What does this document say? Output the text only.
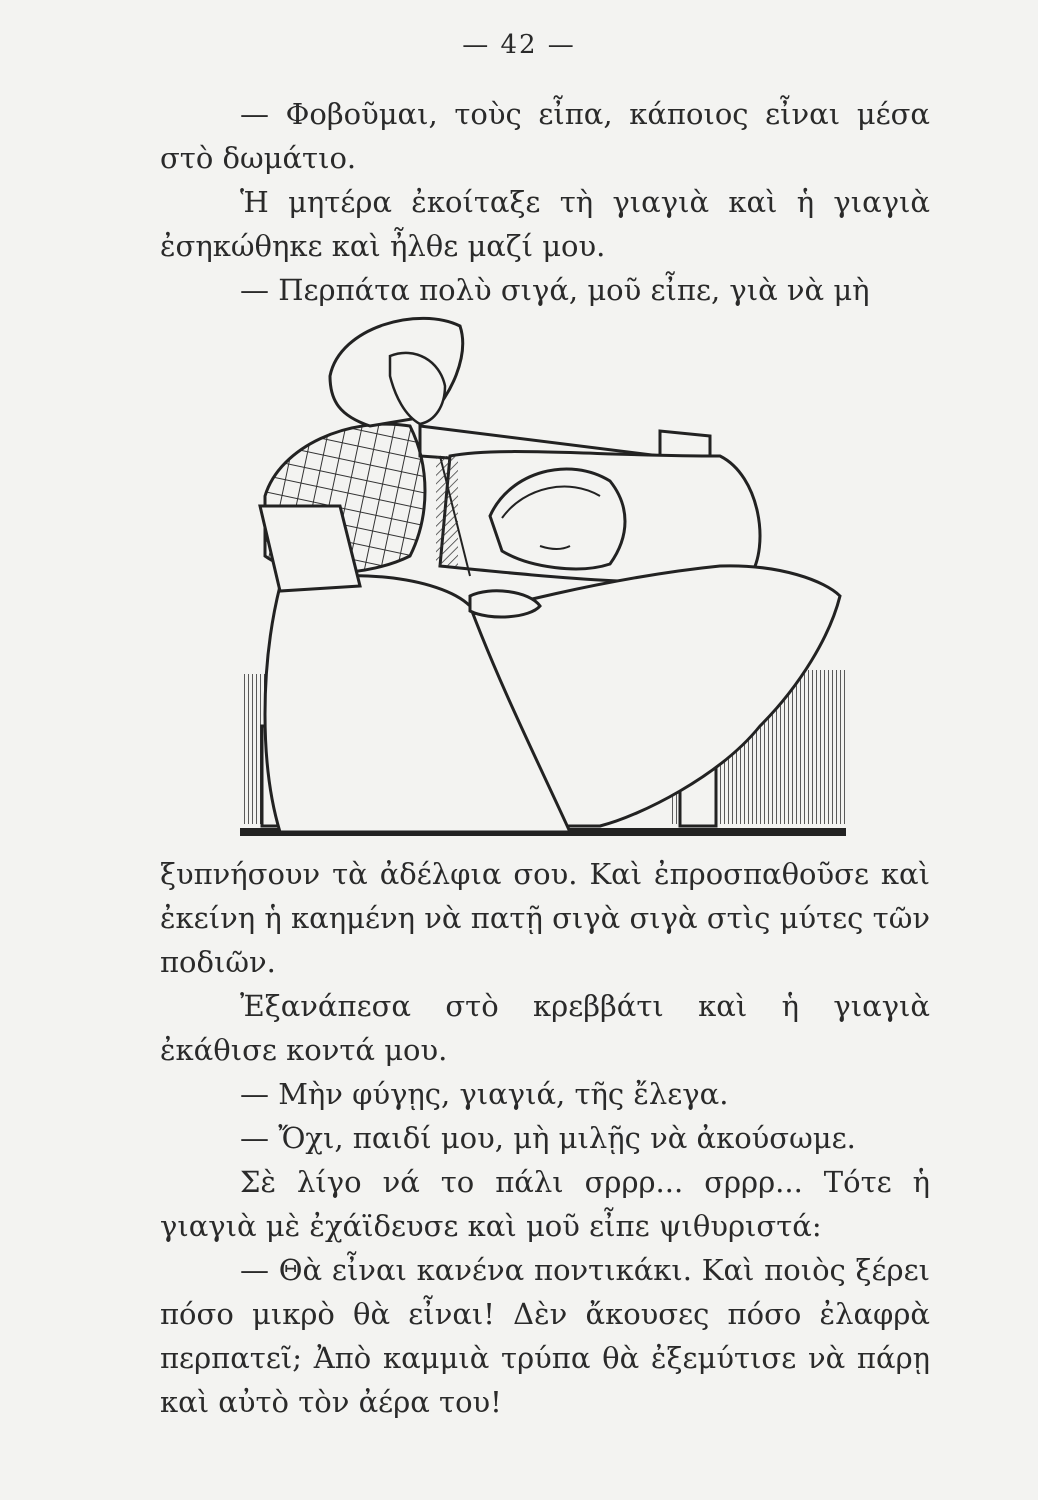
— 42 —

— Φοβοῦμαι, τοὺς εἶπα, κάποιος εἶναι μέσα στὸ δωμάτιο.

Ἡ μητέρα ἐκοίταξε τὴ γιαγιὰ καὶ ἡ γιαγιὰ ἐσηκώθηκε καὶ ἦλθε μαζί μου.

— Περπάτα πολὺ σιγά, μοῦ εἶπε, γιὰ νὰ μὴ

ξυπνήσουν τὰ ἀδέλφια σου. Καὶ ἐπροσπαθοῦσε καὶ ἐκείνη ἡ καημένη νὰ πατῇ σιγὰ σιγὰ στὶς μύτες τῶν ποδιῶν.

Ἐξανάπεσα στὸ κρεββάτι καὶ ἡ γιαγιὰ ἐκάθισε κοντά μου.

— Μὴν φύγῃς, γιαγιά, τῆς ἔλεγα.

— Ὄχι, παιδί μου, μὴ μιλῇς νὰ ἀκούσωμε.

Σὲ λίγο νά το πάλι σρρρ... σρρρ... Τότε ἡ γιαγιὰ μὲ ἐχάϊδευσε καὶ μοῦ εἶπε ψιθυριστά:

— Θὰ εἶναι κανένα ποντικάκι. Καὶ ποιὸς ξέρει πόσο μικρὸ θὰ εἶναι! Δὲν ἄκουσες πόσο ἐλαφρὰ περπατεῖ; Ἀπὸ καμμιὰ τρύπα θὰ ἐξεμύτισε νὰ πάρῃ καὶ αὐτὸ τὸν ἀέρα του!
